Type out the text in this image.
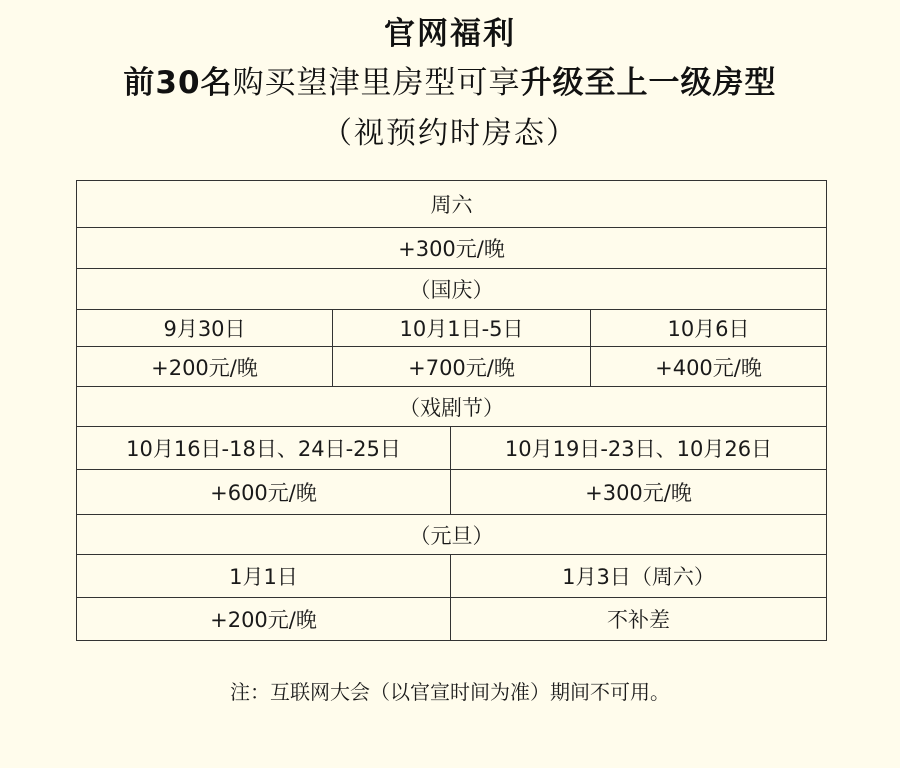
官网福利
前30名购买望津里房型可享升级至上一级房型
（视预约时房态）
周六			
+300元/晚			
（国庆）			
9月30日	10月1日-5日		10月6日
+200元/晚	+700元/晚		+400元/晚
（戏剧节）			
10月16日-18日、24日-25日		10月19日-23日、10月26日	
+600元/晚		+300元/晚	
（元旦）			
1月1日		1月3日（周六）	
+200元/晚		不补差	
注：互联网大会（以官宣时间为准）期间不可用。
